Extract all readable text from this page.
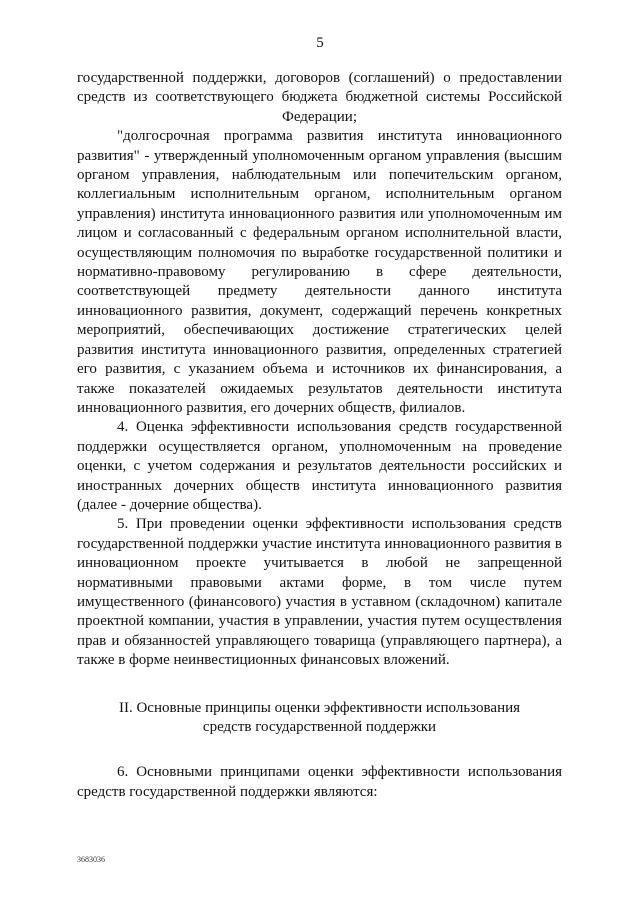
5

государственной поддержки, договоров (соглашений) о предоставлении средств из соответствующего бюджета бюджетной системы Российской

Федерации;

"долгосрочная программа развития института инновационного развития" - утвержденный уполномоченным органом управления (высшим органом управления, наблюдательным или попечительским органом, коллегиальным исполнительным органом, исполнительным органом управления) института инновационного развития или уполномоченным им лицом и согласованный с федеральным органом исполнительной власти, осуществляющим полномочия по выработке государственной политики и нормативно-правовому регулированию в сфере деятельности, соответствующей предмету деятельности данного института инновационного развития, документ, содержащий перечень конкретных мероприятий, обеспечивающих достижение стратегических целей развития института инновационного развития, определенных стратегией его развития, с указанием объема и источников их финансирования, а также показателей ожидаемых результатов деятельности института инновационного развития, его дочерних обществ, филиалов.

4. Оценка эффективности использования средств государственной поддержки осуществляется органом, уполномоченным на проведение оценки, с учетом содержания и результатов деятельности российских и иностранных дочерних обществ института инновационного развития (далее - дочерние общества).

5. При проведении оценки эффективности использования средств государственной поддержки участие института инновационного развития в инновационном проекте учитывается в любой не запрещенной нормативными правовыми актами форме, в том числе путем имущественного (финансового) участия в уставном (складочном) капитале проектной компании, участия в управлении, участия путем осуществления прав и обязанностей управляющего товарища (управляющего партнера), а также в форме неинвестиционных финансовых вложений.

II. Основные принципы оценки эффективности использования
средств государственной поддержки

6. Основными принципами оценки эффективности использования средств государственной поддержки являются:

3683036
